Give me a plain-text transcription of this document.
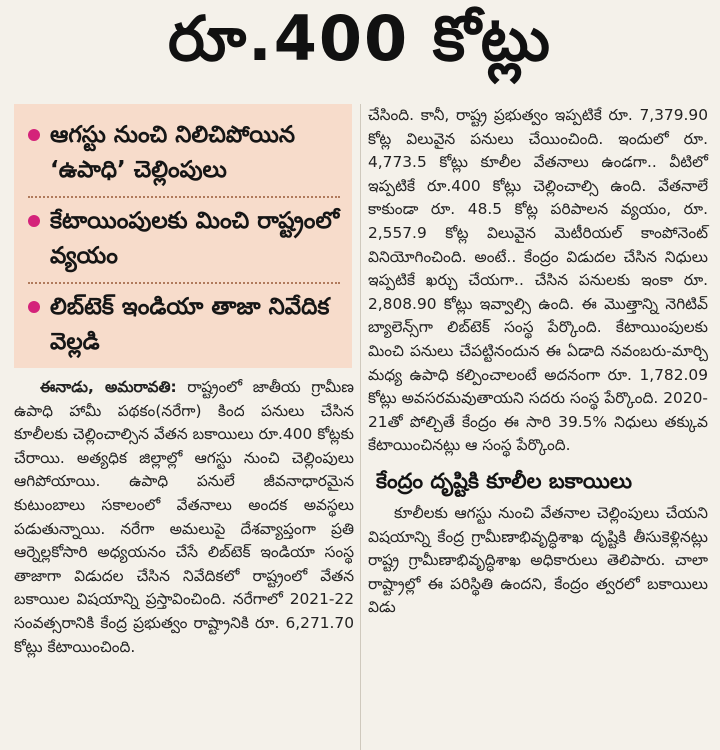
రూ.400 కోట్లు
ఆగస్టు నుంచి నిలిచిపోయిన ‘ఉపాధి’ చెల్లింపులు
కేటాయింపులకు మించి రాష్ట్రంలో వ్యయం
లిబ్‌టెక్ ఇండియా తాజా నివేదిక వెల్లడి

ఈనాడు, అమరావతి: రాష్ట్రంలో జాతీయ గ్రామీణ ఉపాధి హామీ పథకం(నరేగా) కింద పనులు చేసిన కూలీలకు చెల్లించాల్సిన వేతన బకాయిలు రూ.400 కోట్లకు చేరాయి. అత్యధిక జిల్లాల్లో ఆగస్టు నుంచి చెల్లింపులు ఆగిపోయాయి. ఉపాధి పనులే జీవనాధారమైన కుటుంబాలు సకాలంలో వేతనాలు అందక అవస్థలు పడుతున్నాయి. నరేగా అమలుపై దేశవ్యాప్తంగా ప్రతి ఆర్నెల్లకోసారి అధ్యయనం చేసే లిబ్‌టెక్ ఇండియా సంస్థ తాజాగా విడుదల చేసిన నివేదికలో రాష్ట్రంలో వేతన బకాయిల విషయాన్ని ప్రస్తావించింది. నరేగాలో 2021-22 సంవత్సరానికి కేంద్ర ప్రభుత్వం రాష్ట్రానికి రూ. 6,271.70 కోట్లు కేటాయించింది.

చేసింది. కానీ, రాష్ట్ర ప్రభుత్వం ఇప్పటికే రూ. 7,379.90 కోట్ల విలువైన పనులు చేయించింది. ఇందులో రూ. 4,773.5 కోట్లు కూలీల వేతనాలు ఉండగా.. వీటిలో ఇప్పటికే రూ.400 కోట్లు చెల్లించాల్సి ఉంది. వేతనాలే కాకుండా రూ. 48.5 కోట్ల పరిపాలన వ్యయం, రూ. 2,557.9 కోట్ల విలువైన మెటీరియల్ కాంపోనెంట్ వినియోగించింది. అంటే.. కేంద్రం విడుదల చేసిన నిధులు ఇప్పటికే ఖర్చు చేయగా.. చేసిన పనులకు ఇంకా రూ. 2,808.90 కోట్లు ఇవ్వాల్సి ఉంది. ఈ మొత్తాన్ని నెగిటివ్ బ్యాలెన్స్‌గా లిబ్‌టెక్ సంస్థ పేర్కొంది. కేటాయింపులకు మించి పనులు చేపట్టినందున ఈ ఏడాది నవంబరు-మార్చి మధ్య ఉపాధి కల్పించాలంటే అదనంగా రూ. 1,782.09 కోట్లు అవసరమవుతాయని సదరు సంస్థ పేర్కొంది. 2020-21తో పోల్చితే కేంద్రం ఈ సారి 39.5% నిధులు తక్కువ కేటాయించినట్లు ఆ సంస్థ పేర్కొంది.

కేంద్రం దృష్టికి కూలీల బకాయిలు

కూలీలకు ఆగస్టు నుంచి వేతనాల చెల్లింపులు చేయని విషయాన్ని కేంద్ర గ్రామీణాభివృద్ధిశాఖ దృష్టికి తీసుకెళ్లినట్లు రాష్ట్ర గ్రామీణాభివృద్ధిశాఖ అధికారులు తెలిపారు. చాలా రాష్ట్రాల్లో ఈ పరిస్థితి ఉందని, కేంద్రం త్వరలో బకాయిలు విడు
